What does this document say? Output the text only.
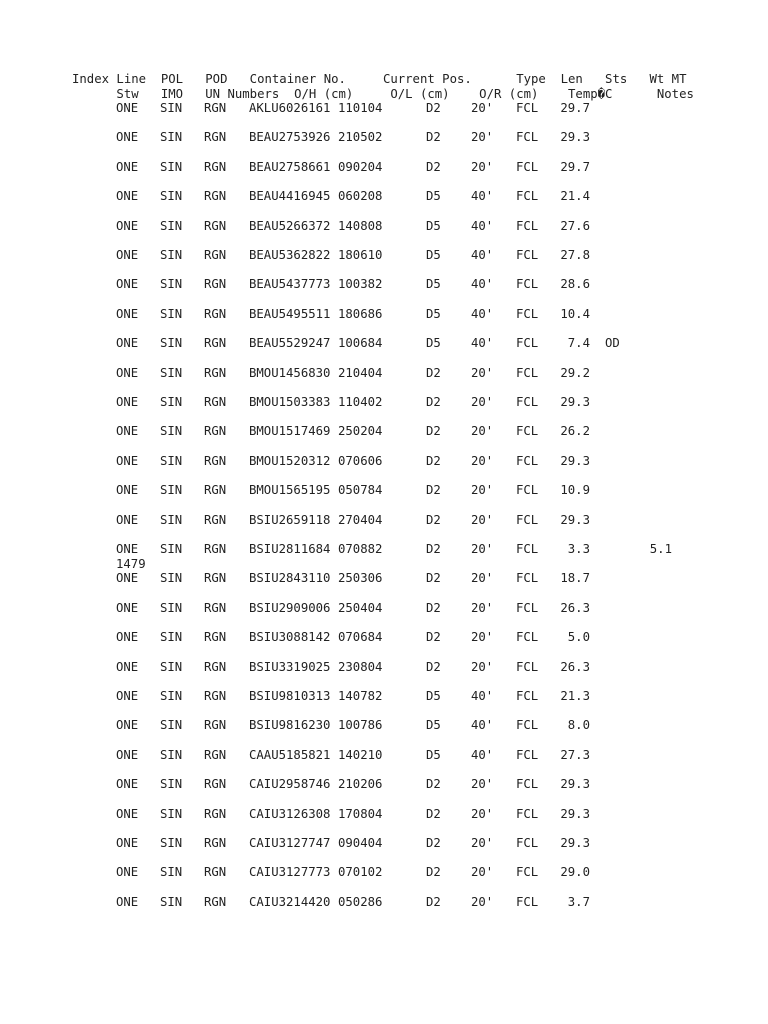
Index Line  POL   POD   Container No.     Current Pos.      Type  Len   Sts   Wt MT
Stw   IMO   UN Numbers  O/H (cm)     O/L (cm)    O/R (cm)    Temp�C      Notes
ONE SIN RGN AKLU6026161 110104	D2 20' FCL 29.7
ONE SIN RGN BEAU2753926 210502	D2 20' FCL 29.3
ONE SIN RGN BEAU2758661 090204	D2 20' FCL 29.7
ONE SIN RGN BEAU4416945 060208	D5 40' FCL 21.4
ONE SIN RGN BEAU5266372 140808	D5 40' FCL 27.6
ONE SIN RGN BEAU5362822 180610	D5 40' FCL 27.8
ONE SIN RGN BEAU5437773 100382	D5 40' FCL 28.6
ONE SIN RGN BEAU5495511 180686	D5 40' FCL 10.4
ONE SIN RGN BEAU5529247 100684	D5 40' FCL	7.4 OD
ONE SIN RGN BMOU1456830 210404	D2 20' FCL 29.2
ONE SIN RGN BMOU1503383 110402	D2 20' FCL 29.3
ONE SIN RGN BMOU1517469 250204	D2 20' FCL 26.2
ONE SIN RGN BMOU1520312 070606	D2 20' FCL 29.3
ONE SIN RGN BMOU1565195 050784	D2 20' FCL 10.9
ONE SIN RGN BSIU2659118 270404	D2 20' FCL 29.3
ONE SIN RGN BSIU2811684 070882	D2 20' FCL	3.3	5.1
1479
ONE SIN RGN BSIU2843110 250306	D2 20' FCL 18.7
ONE SIN RGN BSIU2909006 250404	D2 20' FCL 26.3
ONE SIN RGN BSIU3088142 070684	D2 20' FCL	5.0
ONE SIN RGN BSIU3319025 230804	D2 20' FCL 26.3
ONE SIN RGN BSIU9810313 140782	D5 40' FCL 21.3
ONE SIN RGN BSIU9816230 100786	D5 40' FCL	8.0
ONE SIN RGN CAAU5185821 140210	D5 40' FCL 27.3
ONE SIN RGN CAIU2958746 210206	D2 20' FCL 29.3
ONE SIN RGN CAIU3126308 170804	D2 20' FCL 29.3
ONE SIN RGN CAIU3127747 090404	D2 20' FCL 29.3
ONE SIN RGN CAIU3127773 070102	D2 20' FCL 29.0
ONE SIN RGN CAIU3214420 050286	D2 20' FCL	3.7
